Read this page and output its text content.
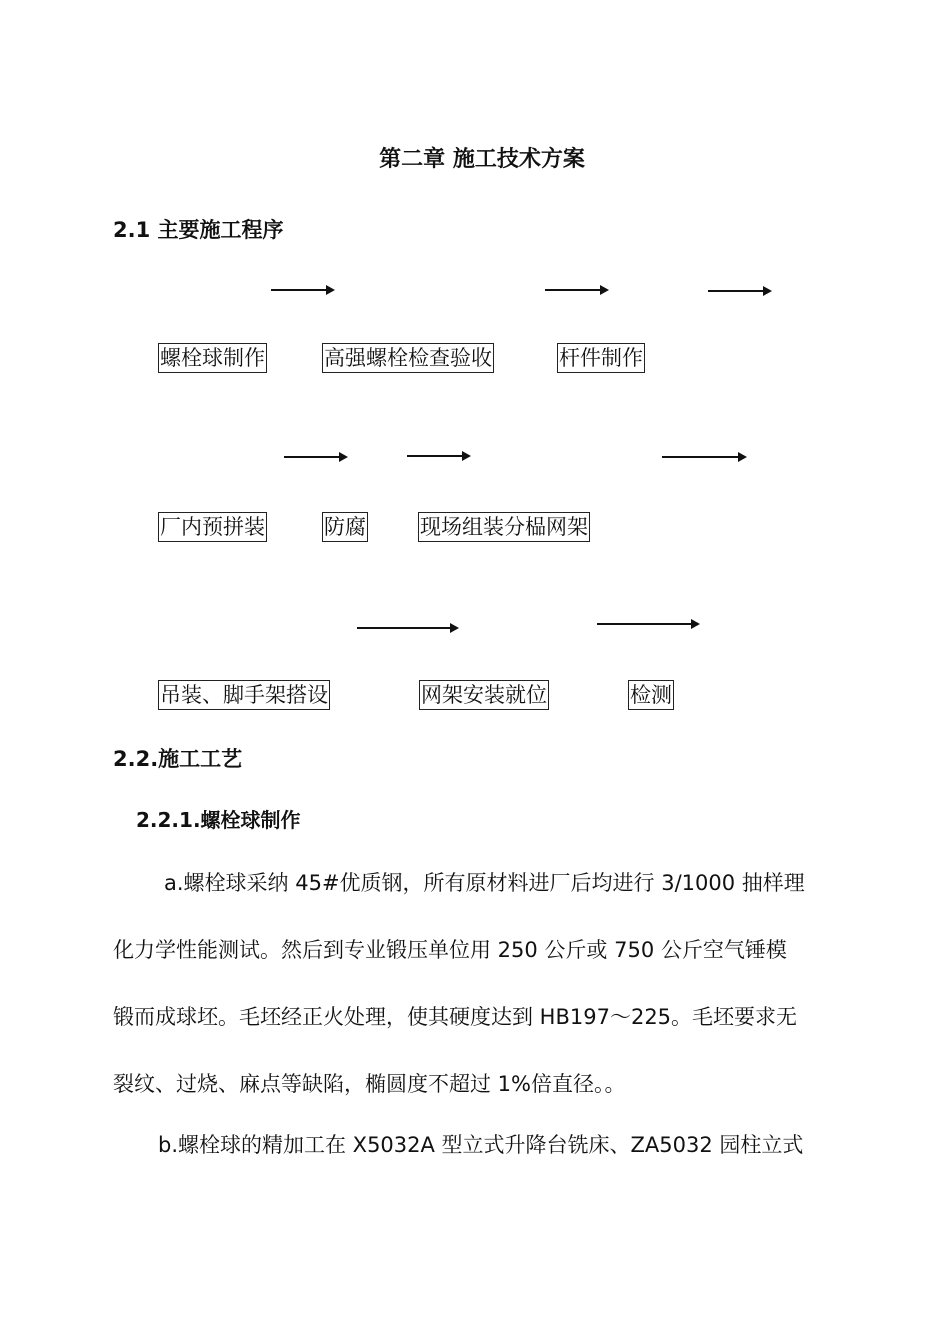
第二章 施工技术方案
2.1 主要施工程序
螺栓球制作	高强螺栓检查验收	杆件制作
厂内预拼装	防腐	现场组装分榀网架
吊装、脚手架搭设	网架安装就位	检测
2.2.施工工艺
2.2.1.螺栓球制作
a.螺栓球采纳 45#优质钢，所有原材料进厂后均进行 3/1000 抽样理
化力学性能测试。然后到专业锻压单位用 250 公斤或 750 公斤空气锤模
锻而成球坯。毛坯经正火处理，使其硬度达到 HB197～225。毛坯要求无
裂纹、过烧、麻点等缺陷，椭圆度不超过 1%倍直径。。
b.螺栓球的精加工在 X5032A 型立式升降台铣床、ZA5032 园柱立式
